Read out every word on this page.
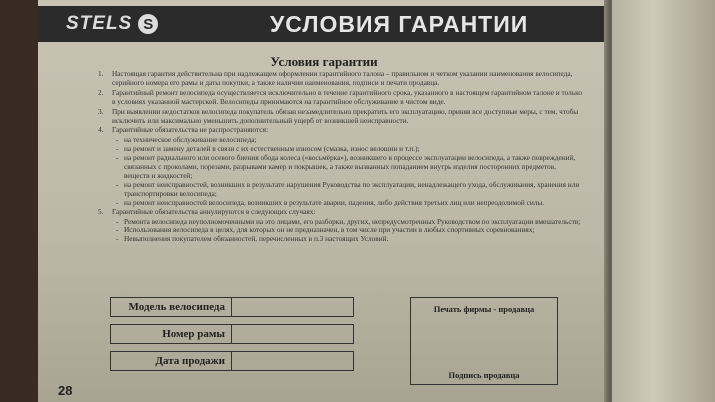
STELS S	УСЛОВИЯ ГАРАНТИИ
Условия гарантии
1.	Настоящая гарантия действительна при надлежащем оформлении гарантийного талона – правильном и четком указании наименования велосипеда, серийного номера его рамы и даты покупки, а также наличии наименования, подписи и печати продавца.
2.	Гарантийный ремонт велосипеда осуществляется исключительно в течение гарантийного срока, указанного в настоящем гарантийном талоне и только в условиях указанной мастерской. Велосипеды принимаются на гарантийное обслуживание в чистом виде.
3.	При выявлении недостатков велосипеда покупатель обязан незамедлительно прекратить его эксплуатацию, приняв все доступные меры, с тем, чтобы исключить или максимально уменьшить дополнительный ущерб от возникшей неисправности.
4.	Гарантийные обязательства не распространяются:
- на техническое обслуживание велосипеда;
- на ремонт и замену деталей в связи с их естественным износом (смазка, износ велошин и т.п.);
- на ремонт радиального или осевого биения обода колеса («восьмёрка»), возникшего в процессе эксплуатации велосипеда, а также повреждений, связанных с проколами, порезами, разрывами камер и покрышек, а также вызванных попаданием внутрь изделия посторонних предметов, веществ и жидкостей;
- на ремонт неисправностей, возникших в результате нарушения Руководства по эксплуатации, ненадлежащего ухода, обслуживания, хранения или транспортировки велосипеда;
- на ремонт неисправностей велосипеда, возникших в результате аварии, падения, либо действия третьих лиц или непреодолимой силы.
5.	Гарантийные обязательства аннулируются в следующих случаях:
- Ремонта велосипеда неуполномоченными на это лицами, его разборки, других, непредусмотренных Руководством по эксплуатации вмешательств;
- Использования велосипеда в целях, для которых он не предназначен, в том числе при участии в любых спортивных соревнованиях;
- Невыполнения покупателем обязанностей, перечисленных в п.3 настоящих Условий.
Модель велосипеда
Номер рамы
Дата продажи
Печать фирмы - продавца
Подпись продавца
28
